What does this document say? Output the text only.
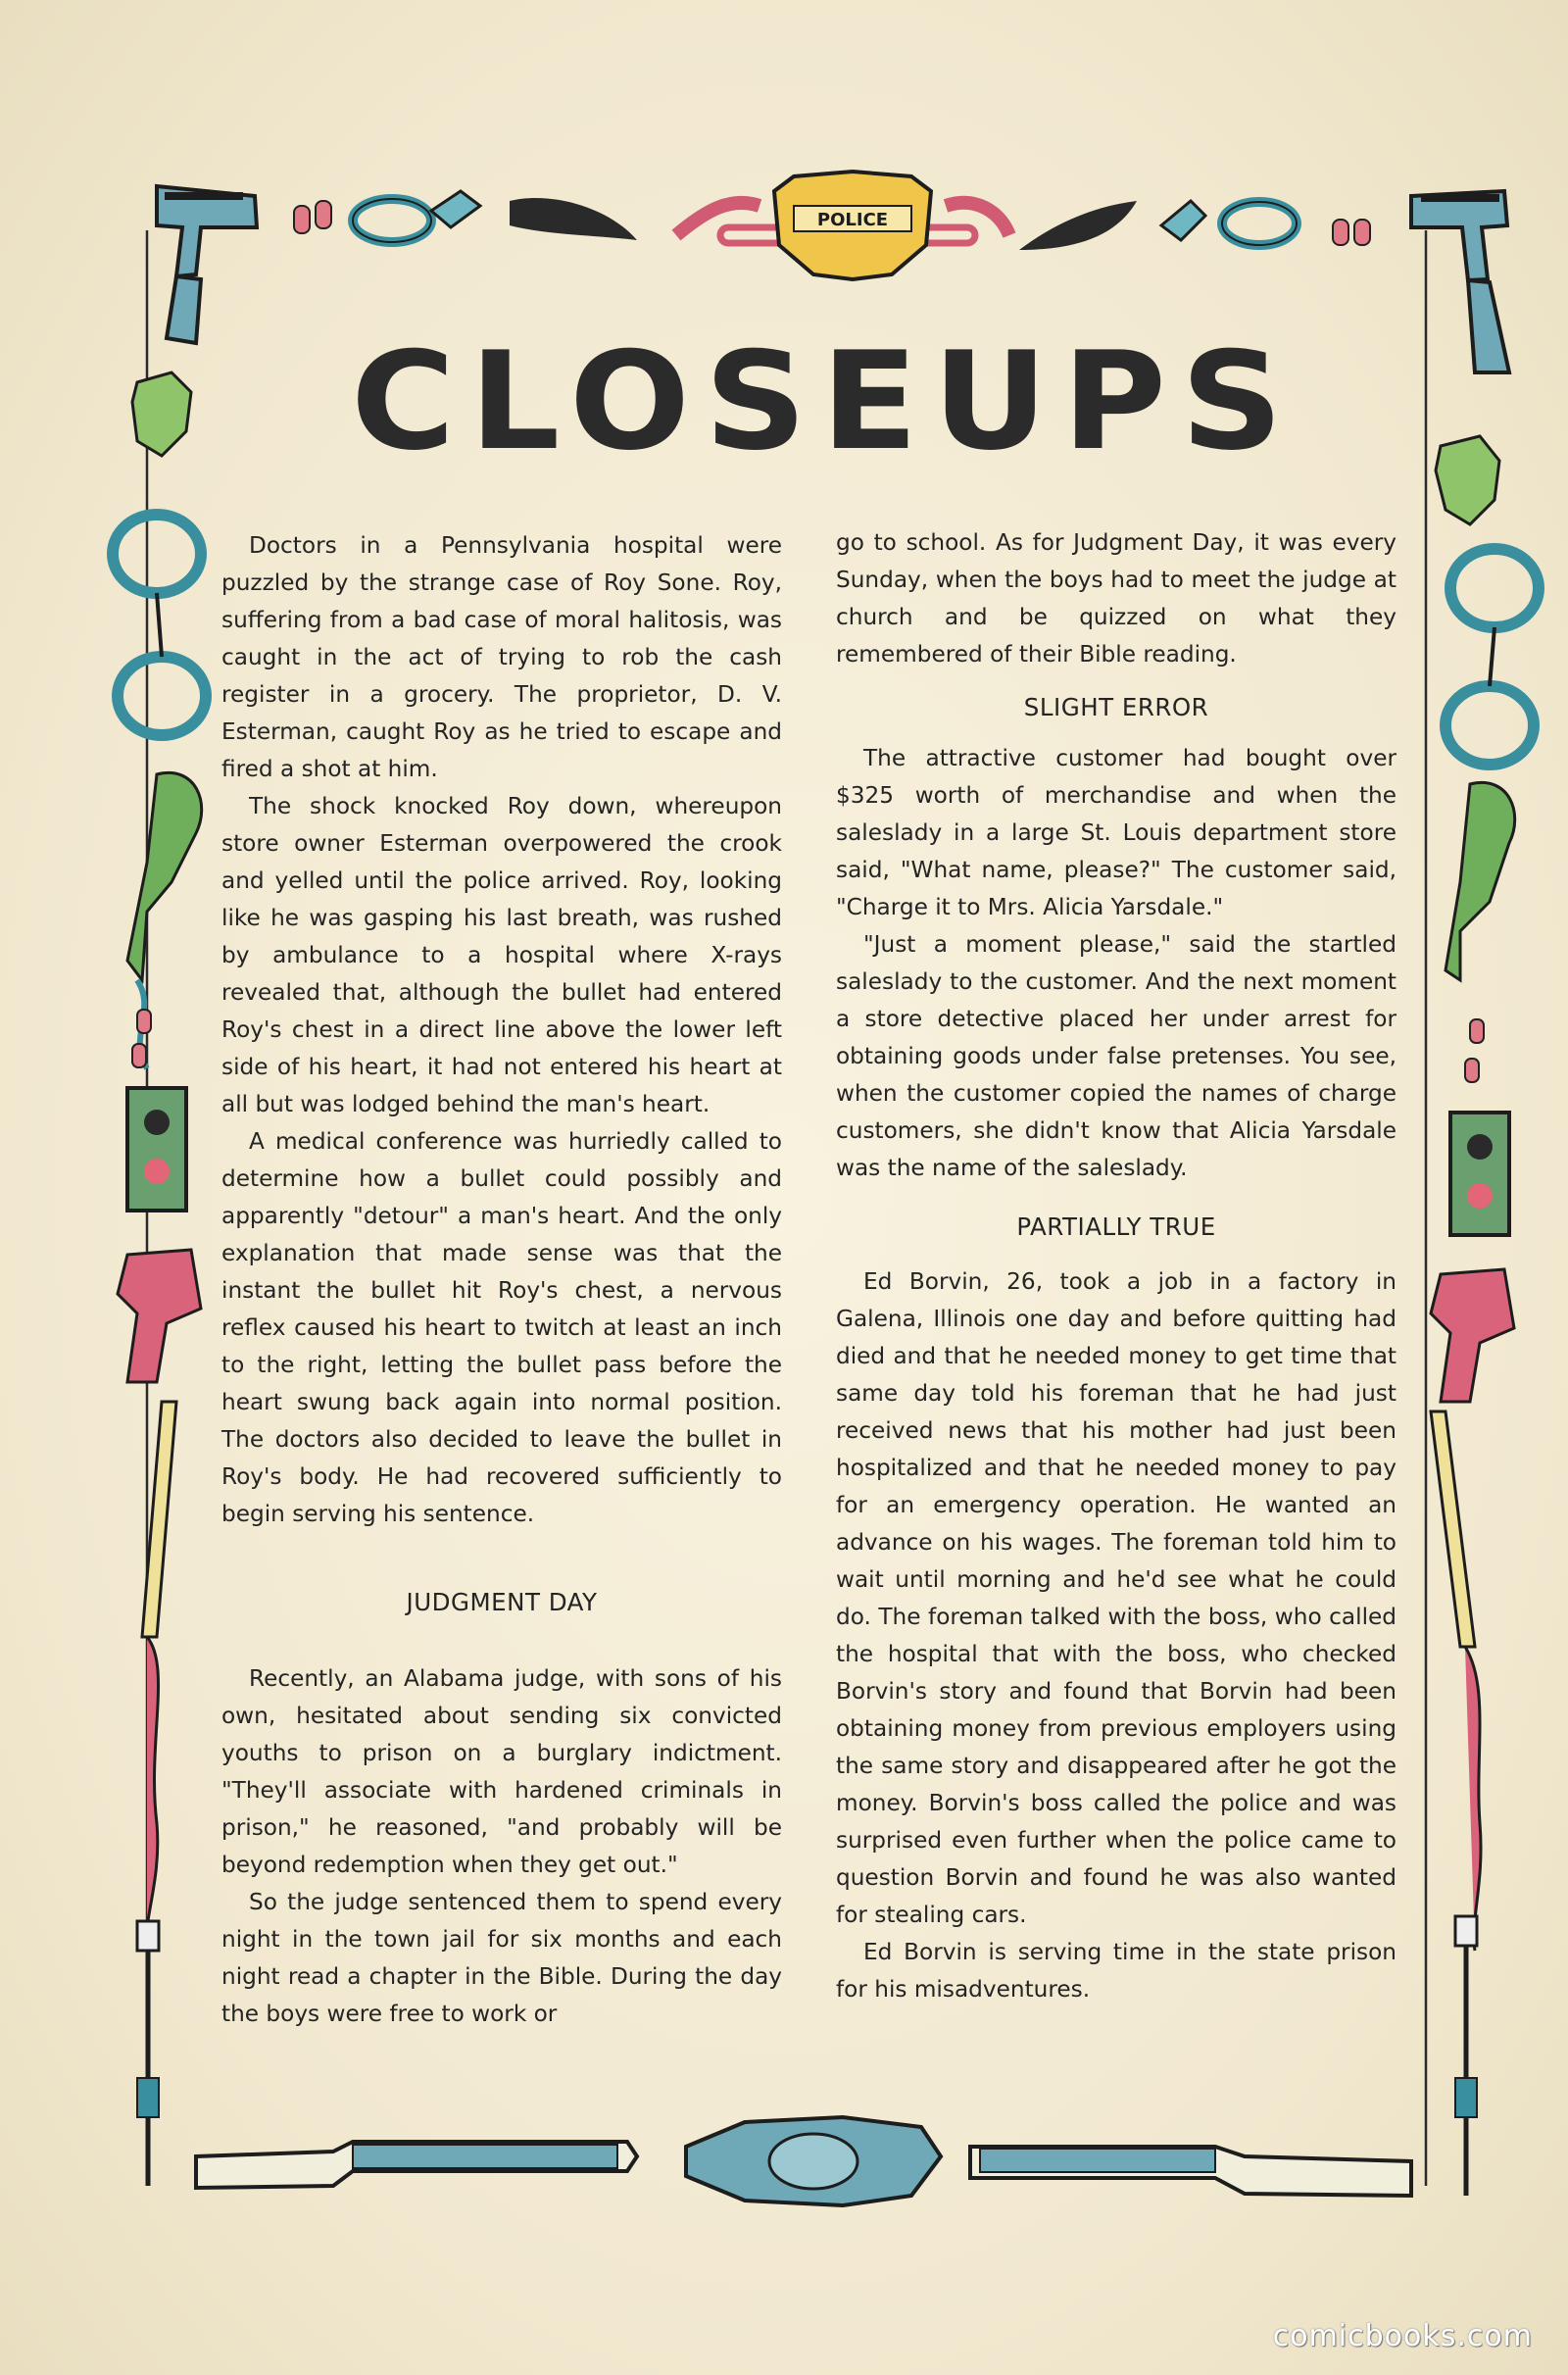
POLICE
CLOSEUPS

Doctors in a Pennsylvania hospital were puzzled by the strange case of Roy Sone. Roy, suffering from a bad case of moral halitosis, was caught in the act of trying to rob the cash register in a grocery. The proprietor, D. V. Esterman, caught Roy as he tried to escape and fired a shot at him.

The shock knocked Roy down, whereupon store owner Esterman overpowered the crook and yelled until the police arrived. Roy, looking like he was gasping his last breath, was rushed by ambulance to a hospital where X-rays revealed that, although the bullet had entered Roy's chest in a direct line above the lower left side of his heart, it had not entered his heart at all but was lodged behind the man's heart.

A medical conference was hurriedly called to determine how a bullet could possibly and apparently "detour" a man's heart. And the only explanation that made sense was that the instant the bullet hit Roy's chest, a nervous reflex caused his heart to twitch at least an inch to the right, letting the bullet pass before the heart swung back again into normal position. The doctors also decided to leave the bullet in Roy's body. He had recovered sufficiently to begin serving his sentence.

JUDGMENT DAY

Recently, an Alabama judge, with sons of his own, hesitated about sending six convicted youths to prison on a burglary indictment. "They'll associate with hardened criminals in prison," he reasoned, "and probably will be beyond redemption when they get out."

So the judge sentenced them to spend every night in the town jail for six months and each night read a chapter in the Bible. During the day the boys were free to work or

go to school. As for Judgment Day, it was every Sunday, when the boys had to meet the judge at church and be quizzed on what they remembered of their Bible reading.

SLIGHT ERROR

The attractive customer had bought over $325 worth of merchandise and when the saleslady in a large St. Louis department store said, "What name, please?" The customer said, "Charge it to Mrs. Alicia Yarsdale."

"Just a moment please," said the startled saleslady to the customer. And the next moment a store detective placed her under arrest for obtaining goods under false pretenses. You see, when the customer copied the names of charge customers, she didn't know that Alicia Yarsdale was the name of the saleslady.

PARTIALLY TRUE

Ed Borvin, 26, took a job in a factory in Galena, Illinois one day and before quitting had died and that he needed money to get time that same day told his foreman that he had just received news that his mother had just been hospitalized and that he needed money to pay for an emergency operation. He wanted an advance on his wages. The foreman told him to wait until morning and he'd see what he could do. The foreman talked with the boss, who called the hospital that with the boss, who checked Borvin's story and found that Borvin had been obtaining money from previous employers using the same story and disappeared after he got the money. Borvin's boss called the police and was surprised even further when the police came to question Borvin and found he was also wanted for stealing cars.

Ed Borvin is serving time in the state prison for his misadventures.

comicbooks.com
